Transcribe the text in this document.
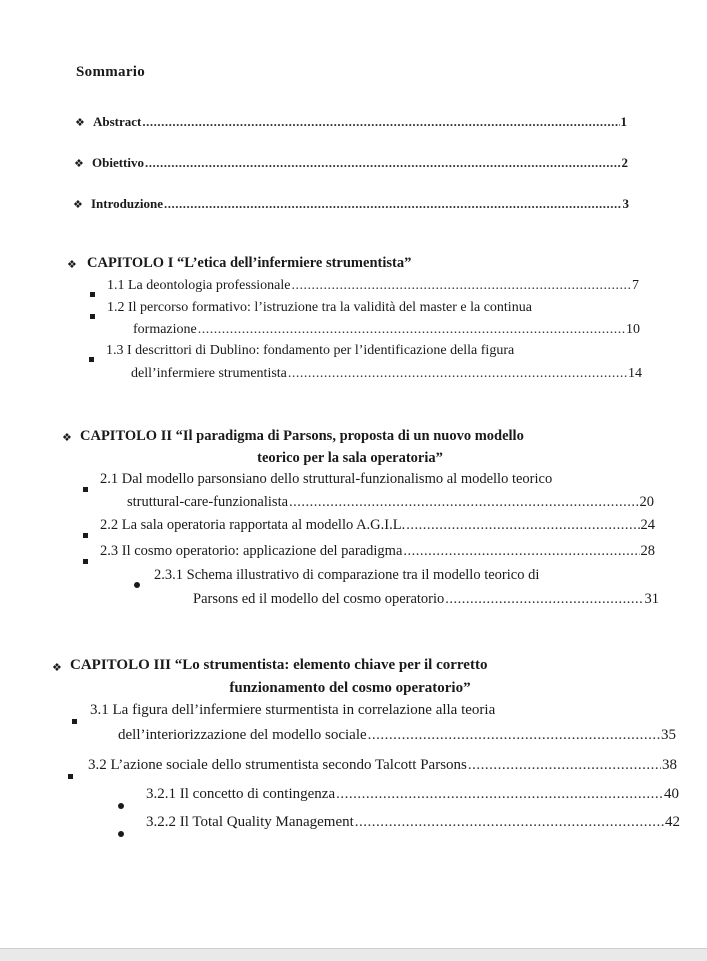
Sommario
❖ Abstract .....	1
❖ Obiettivo .....	2
❖ Introduzione .....	3
❖ CAPITOLO I “L’etica dell’infermiere strumentista”
1.1 La deontologia professionale .....	7
1.2 Il percorso formativo: l’istruzione tra la validità del master e la continua
formazione .....	10
1.3 I descrittori di Dublino: fondamento per l’identificazione della figura
dell’infermiere strumentista .....	14
❖ CAPITOLO II “Il paradigma di Parsons, proposta di un nuovo modello
teorico per la sala operatoria”
2.1 Dal modello parsonsiano dello struttural-funzionalismo al modello teorico
struttural-care-funzionalista .....	20
2.2 La sala operatoria rapportata al modello A.G.I.L. .....	24
2.3 Il cosmo operatorio: applicazione del paradigma .....	28
2.3.1 Schema illustrativo di comparazione tra il modello teorico di
Parsons ed il modello del cosmo operatorio .....	31
❖ CAPITOLO III “Lo strumentista: elemento chiave per il corretto
funzionamento del cosmo operatorio”
3.1 La figura dell’infermiere sturmentista in correlazione alla teoria
dell’interiorizzazione del modello sociale .....	35
3.2 L’azione sociale dello strumentista secondo Talcott Parsons .....	38
3.2.1 Il concetto di contingenza .....	40
3.2.2 Il Total Quality Management .....	42
